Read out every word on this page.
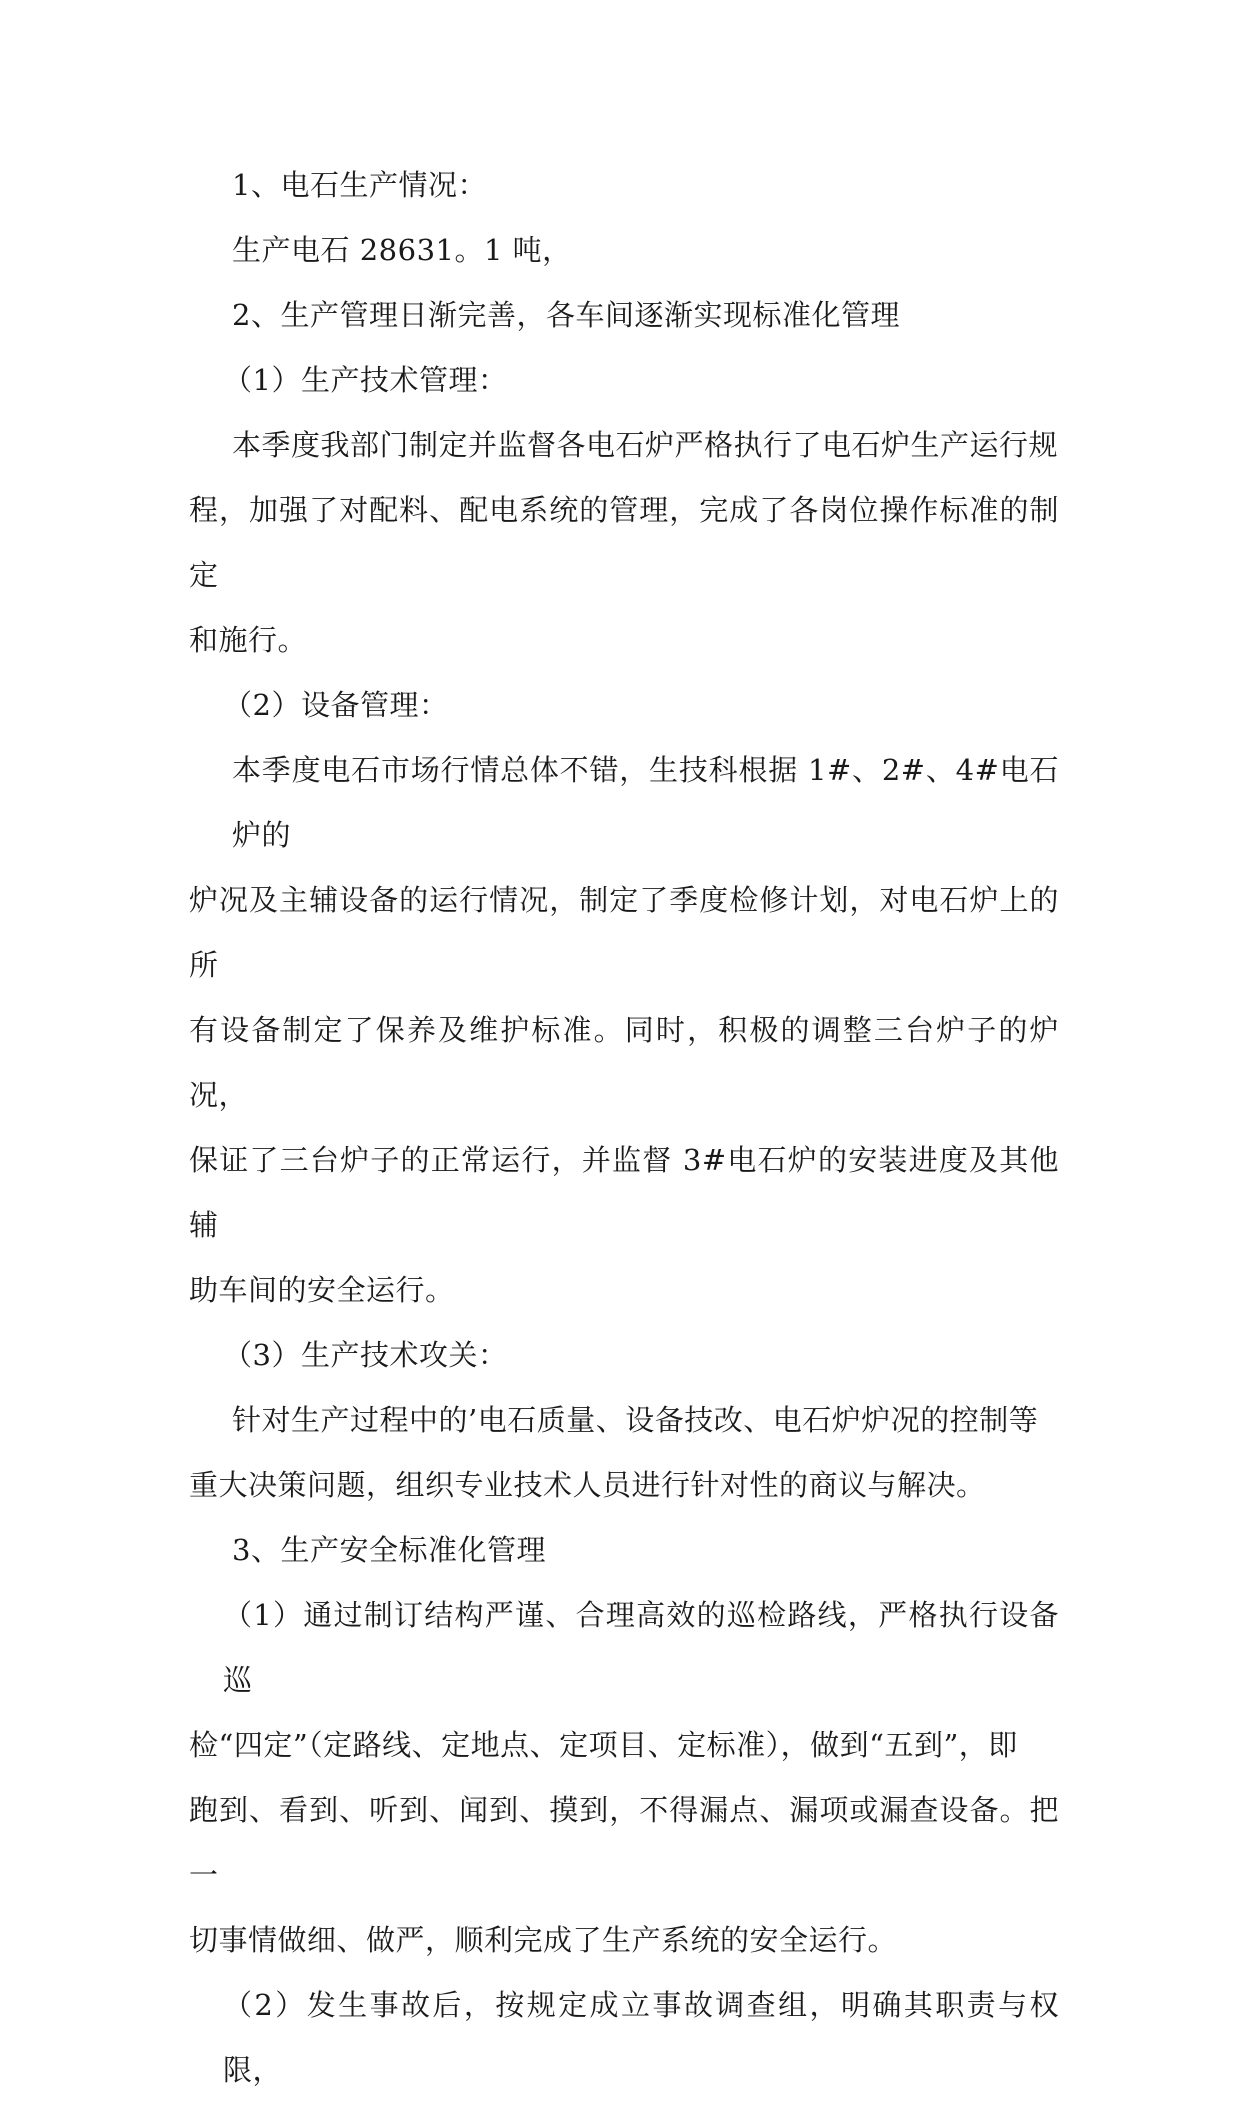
1、电石生产情况：

生产电石 28631。1 吨，

2、生产管理日渐完善，各车间逐渐实现标准化管理

（1）生产技术管理：

本季度我部门制定并监督各电石炉严格执行了电石炉生产运行规

程，加强了对配料、配电系统的管理，完成了各岗位操作标准的制定

和施行。

（2）设备管理：

本季度电石市场行情总体不错，生技科根据 1#、2#、4#电石炉的

炉况及主辅设备的运行情况，制定了季度检修计划，对电石炉上的所

有设备制定了保养及维护标准。同时，积极的调整三台炉子的炉况，

保证了三台炉子的正常运行，并监督 3#电石炉的安装进度及其他辅

助车间的安全运行。

（3）生产技术攻关：

针对生产过程中的’电石质量、设备技改、电石炉炉况的控制等

重大决策问题，组织专业技术人员进行针对性的商议与解决。

3、生产安全标准化管理

（1）通过制订结构严谨、合理高效的巡检路线，严格执行设备巡

检“四定”（定路线、定地点、定项目、定标准），做到“五到”，即

跑到、看到、听到、闻到、摸到，不得漏点、漏项或漏查设备。把一

切事情做细、做严，顺利完成了生产系统的安全运行。

（2）发生事故后，按规定成立事故调查组，明确其职责与权限，
